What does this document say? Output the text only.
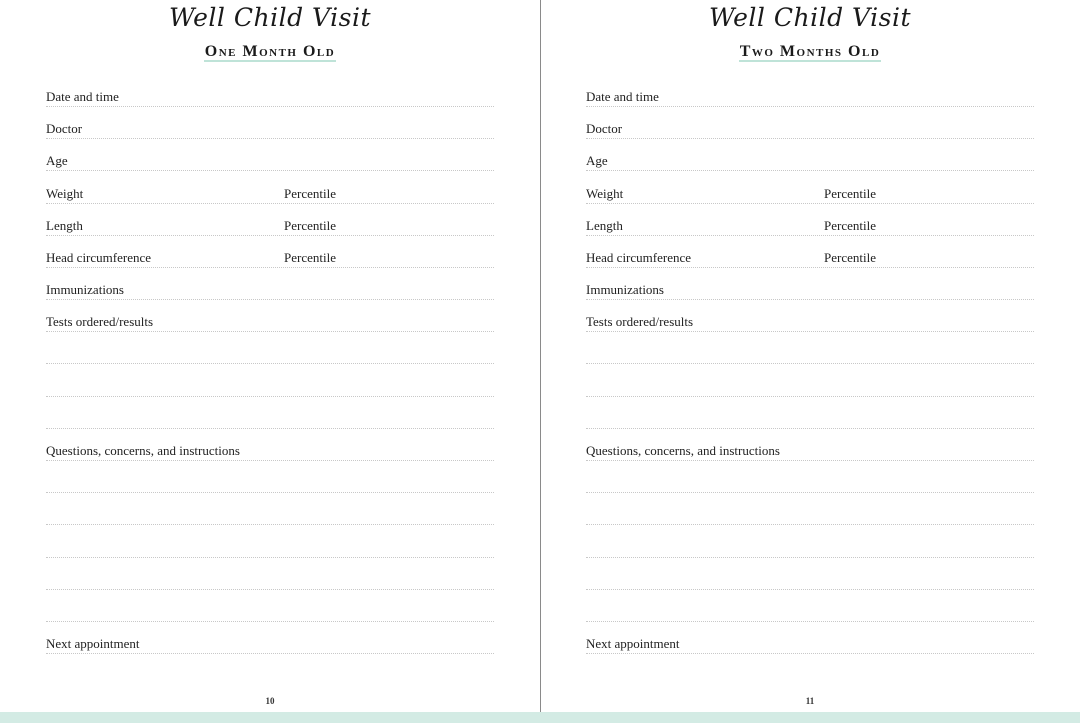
Well Child Visit
One Month Old
Date and time
Doctor
Age
Weight	Percentile
Length	Percentile
Head circumference	Percentile
Immunizations
Tests ordered/results
Questions, concerns, and instructions
Next appointment
10
Well Child Visit
Two Months Old
Date and time
Doctor
Age
Weight	Percentile
Length	Percentile
Head circumference	Percentile
Immunizations
Tests ordered/results
Questions, concerns, and instructions
Next appointment
11
